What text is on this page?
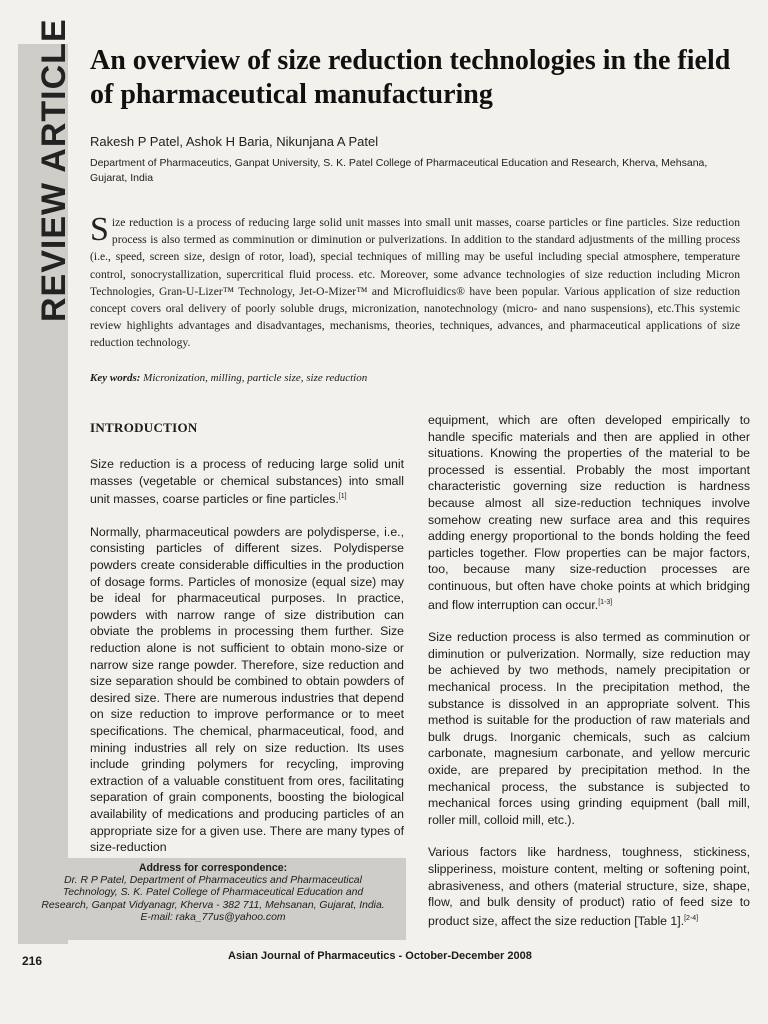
REVIEW ARTICLE An overview of size reduction technologies in the field of pharmaceutical manufacturing
Rakesh P Patel, Ashok H Baria, Nikunjana A Patel
Department of Pharmaceutics, Ganpat University, S. K. Patel College of Pharmaceutical Education and Research, Kherva, Mehsana, Gujarat, India

Size reduction is a process of reducing large solid unit masses into small unit masses, coarse particles or fine particles. Size reduction process is also termed as comminution or diminution or pulverizations. In addition to the standard adjustments of the milling process (i.e., speed, screen size, design of rotor, load), special techniques of milling may be useful including special atmosphere, temperature control, sonocrystallization, supercritical fluid process. etc. Moreover, some advance technologies of size reduction including Micron Technologies, Gran-U-Lizer™ Technology, Jet-O-Mizer™ and Microfluidics® have been popular. Various application of size reduction concept covers oral delivery of poorly soluble drugs, micronization, nanotechnology (micro- and nano suspensions), etc.This systemic review highlights advantages and disadvantages, mechanisms, theories, techniques, advances, and pharmaceutical applications of size reduction technology.

Key words: Micronization, milling, particle size, size reduction
INTRODUCTION

Size reduction is a process of reducing large solid unit masses (vegetable or chemical substances) into small unit masses, coarse particles or fine particles.[1]

Normally, pharmaceutical powders are polydisperse, i.e., consisting particles of different sizes. Polydisperse powders create considerable difficulties in the production of dosage forms. Particles of monosize (equal size) may be ideal for pharmaceutical purposes. In practice, powders with narrow range of size distribution can obviate the problems in processing them further. Size reduction alone is not sufficient to obtain mono-size or narrow size range powder. Therefore, size reduction and size separation should be combined to obtain powders of desired size. There are numerous industries that depend on size reduction to improve performance or to meet specifications. The chemical, pharmaceutical, food, and mining industries all rely on size reduction. Its uses include grinding polymers for recycling, improving extraction of a valuable constituent from ores, facilitating separation of grain components, boosting the biological availability of medications and producing particles of an appropriate size for a given use. There are many types of size-reduction

equipment, which are often developed empirically to handle specific materials and then are applied in other situations. Knowing the properties of the material to be processed is essential. Probably the most important characteristic governing size reduction is hardness because almost all size-reduction techniques involve somehow creating new surface area and this requires adding energy proportional to the bonds holding the feed particles together. Flow properties can be major factors, too, because many size-reduction processes are continuous, but often have choke points at which bridging and flow interruption can occur.[1-3]

Size reduction process is also termed as comminution or diminution or pulverization. Normally, size reduction may be achieved by two methods, namely precipitation or mechanical process. In the precipitation method, the substance is dissolved in an appropriate solvent. This method is suitable for the production of raw materials and bulk drugs. Inorganic chemicals, such as calcium carbonate, magnesium carbonate, and yellow mercuric oxide, are prepared by precipitation method. In the mechanical process, the substance is subjected to mechanical forces using grinding equipment (ball mill, roller mill, colloid mill, etc.).

Various factors like hardness, toughness, stickiness, slipperiness, moisture content, melting or softening point, abrasiveness, and others (material structure, size, shape, flow, and bulk density of product) ratio of feed size to product size, affect the size reduction [Table 1].[2-4]

Address for correspondence:
Dr. R P Patel, Department of Pharmaceutics and Pharmaceutical
Technology, S. K. Patel College of Pharmaceutical Education and
Research, Ganpat Vidyanagr, Kherva - 382 711, Mehsanan, Gujarat, India.
E-mail: raka_77us@yahoo.com
216	Asian Journal of Pharmaceutics - October-December 2008
